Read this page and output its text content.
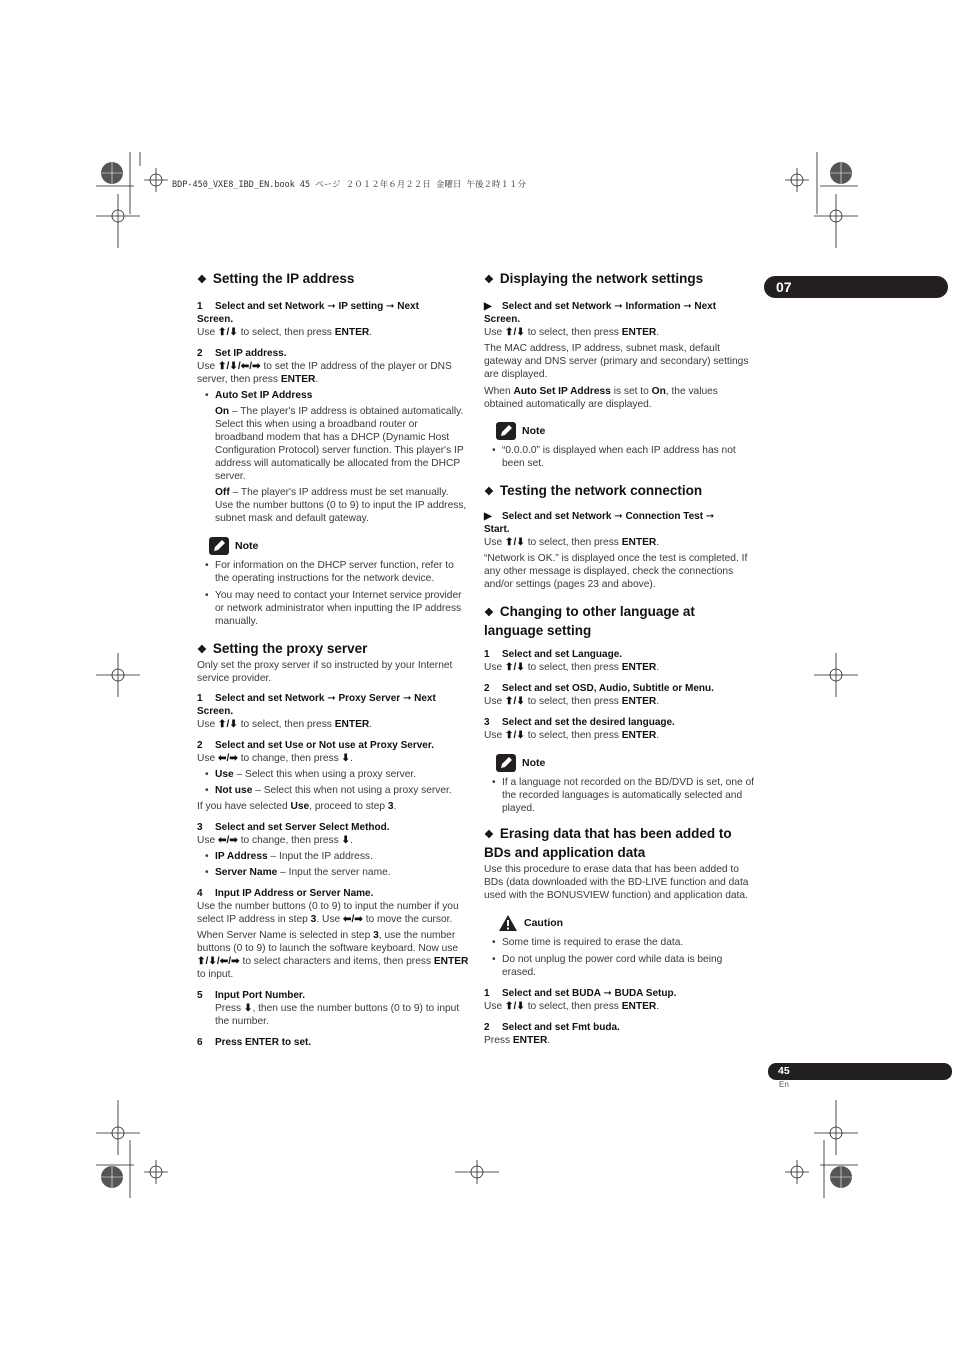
BDP-450_VXE8_IBD_EN.book 45 ページ ２０１２年６月２２日 金曜日 午後２時１１分
07
45
En
❖ Setting the IP address
1 Select and set Network ➞ IP setting ➞ Next
Screen.

Use ⬆/⬇ to select, then press ENTER.

2 Set IP address.

Use ⬆/⬇/⬅/➡ to set the IP address of the player or DNS server, then press ENTER.

• Auto Set IP Address

On – The player's IP address is obtained automatically. Select this when using a broadband router or broadband modem that has a DHCP (Dynamic Host Configuration Protocol) server function. This player's IP address will automatically be allocated from the DHCP server.

Off – The player's IP address must be set manually. Use the number buttons (0 to 9) to input the IP address, subnet mask and default gateway.

Note
• For information on the DHCP server function, refer to the operating instructions for the network device.
• You may need to contact your Internet service provider or network administrator when inputting the IP address manually.
❖ Setting the proxy server

Only set the proxy server if so instructed by your Internet service provider.

1 Select and set Network ➞ Proxy Server ➞ Next
Screen.

Use ⬆/⬇ to select, then press ENTER.

2 Select and set Use or Not use at Proxy Server.

Use ⬅/➡ to change, then press ⬇.

• Use – Select this when using a proxy server.
• Not use – Select this when not using a proxy server.

If you have selected Use, proceed to step 3.

3 Select and set Server Select Method.

Use ⬅/➡ to change, then press ⬇.

• IP Address – Input the IP address.
• Server Name – Input the server name.
4 Input IP Address or Server Name.

Use the number buttons (0 to 9) to input the number if you select IP address in step 3. Use ⬅/➡ to move the cursor.

When Server Name is selected in step 3, use the number buttons (0 to 9) to launch the software keyboard. Now use ⬆/⬇/⬅/➡ to select characters and items, then press ENTER to input.

5 Input Port Number.

Press ⬇, then use the number buttons (0 to 9) to input the number.

6 Press ENTER to set.
❖ Displaying the network settings
▶ Select and set Network ➞ Information ➞ Next
Screen.

Use ⬆/⬇ to select, then press ENTER.

The MAC address, IP address, subnet mask, default gateway and DNS server (primary and secondary) settings are displayed.

When Auto Set IP Address is set to On, the values obtained automatically are displayed.

Note
• “0.0.0.0” is displayed when each IP address has not been set.
❖ Testing the network connection
▶ Select and set Network ➞ Connection Test ➞
Start.

Use ⬆/⬇ to select, then press ENTER.

“Network is OK.” is displayed once the test is completed. If any other message is displayed, check the connections and/or settings (pages 23 and above).

❖ Changing to other language at
language setting
1 Select and set Language.

Use ⬆/⬇ to select, then press ENTER.

2 Select and set OSD, Audio, Subtitle or Menu.

Use ⬆/⬇ to select, then press ENTER.

3 Select and set the desired language.

Use ⬆/⬇ to select, then press ENTER.

Note
• If a language not recorded on the BD/DVD is set, one of the recorded languages is automatically selected and played.
❖ Erasing data that has been added to
BDs and application data

Use this procedure to erase data that has been added to BDs (data downloaded with the BD-LIVE function and data used with the BONUSVIEW function) and application data.

Caution
• Some time is required to erase the data.
• Do not unplug the power cord while data is being erased.
1 Select and set BUDA ➞ BUDA Setup.

Use ⬆/⬇ to select, then press ENTER.

2 Select and set Fmt buda.

Press ENTER.
